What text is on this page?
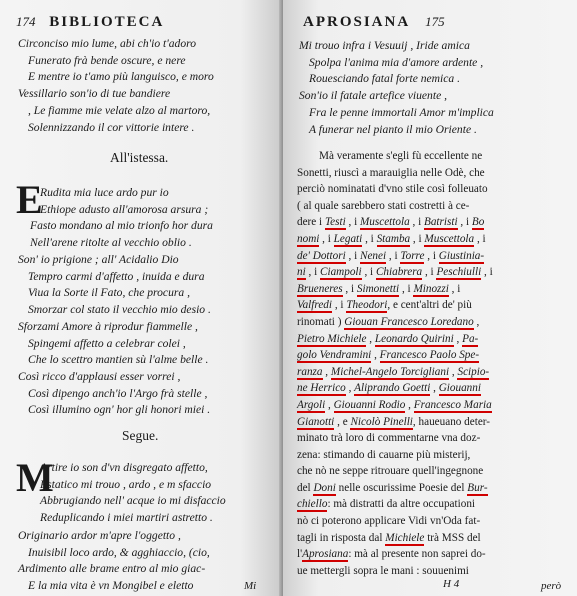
174 BIBLIOTECA
Circonciso mio lume, abi ch'io t'adoro
Funerato frà bende oscure, e nere
E mentre io t'amo più languisco, e moro
Vessillario son'io di tue bandiere
, Le fiamme mie velate alzo al martoro,
Solennizzando il cor vittorie intere .
All'istessa.
E
Rudita mia luce ardo pur io
Ethiope adusto all'amorosa arsura ;
Fasto mondano al mio trionfo hor dura
Nell'arene ritolte al vecchio oblio .
Son' io prigione ; all' Acidalio Dio
Tempro carmi d'affetto , inuida e dura
Viua la Sorte il Fato, che procura ,
Smorzar col stato il vecchio mio desio .
Sforzami Amore à riprodur fiammelle ,
Spingemi affetto a celebrar colei ,
Che lo scettro mantien sù l'alme belle .
Così ricco d'applausi esser vorrei ,
Così dipengo anch'io l'Argo frà stelle ,
Così illumino ogn' hor gli honori miei .
Segue.
M
Artire io son d'vn disgregato affetto,
Estatico mi trouo , ardo , e m sfaccio
Abbrugiando nell' acque io mi disfaccio
Reduplicando i miei martiri astretto .
Originario ardor m'apre l'oggetto ,
Inuisibil loco ardo, & agghiaccio, (cio,
Ardimento alle brame entro al mio giac-
E la mia vita è vn Mongibel e eletto	Mi
APROSIANA 175
Mi trouo infra i Vesuuij , Iride amica
Spolpa l'anima mia d'amore ardente ,
Rouesciando fatal forte nemica .
Son'io il fatale artefice viuente ,
Fra le penne immortali Amor m'implica
A funerar nel pianto il mio Oriente .
Mà veramente s'egli fù eccellente ne
Sonetti, riuscì a marauiglia nelle Odè, che
perciò nominatati d'vno stile così folleuato
( al quale sarebbero stati costretti à ce-
dere i Testi , i Muscettola , i Batristi , i Bo
nomi , i Legati , i Stamba , i Muscettola , i
de' Dottori , i Nenei , i Torre , i Giustinia-
ni , i Ciampoli , i Chiabrera , i Peschiulli , i
Brueneres , i Simonetti , i Minozzi , i
Valfredi , i Theodori, e cent'altri de' più
rinomati ) Giouan Francesco Loredano ,
Pietro Michiele , Leonardo Quirini , Pa-
golo Vendramini , Francesco Paolo Spe-
ranza , Michel-Angelo Torcigliani , Scipio-
ne Herrico , Aliprando Goetti , Giouanni
Argoli , Giouanni Rodio , Francesco Maria
Gianotti , e Nicolò Pinelli, haueuano deter-
minato trà loro di commentarne vna doz-
zena: stimando di cauarne più misterij,
che nò ne seppe ritrouare quell'ingegnone
del Doni nelle oscurissime Poesie del Bur-
chiello: mà distratti da altre occupationi
nò ci poterono applicare Vidi vn'Oda fat-
tagli in risposta dal Michiele trà MSS del
l'Aprosiana: mà al presente non saprei do-
ue mettergli sopra le mani : souuenimi
H 4	però
